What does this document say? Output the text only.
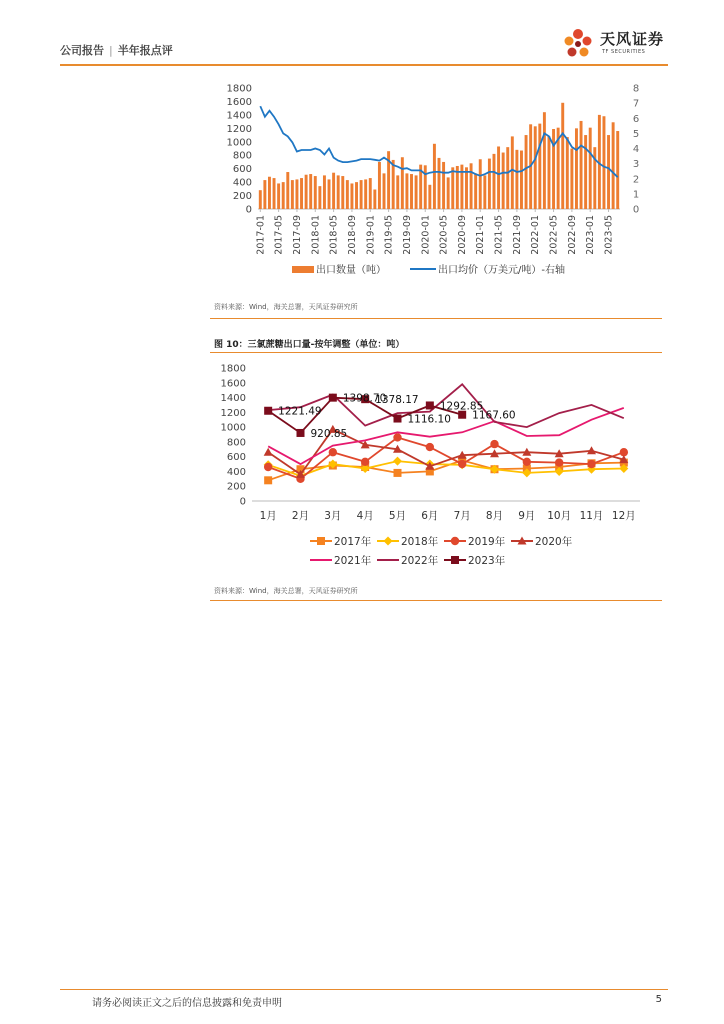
公司报告 | 半年报点评
天风证券
TF SECURITIES
0
200
400
600
800
1000
1200
1400
1600
1800
0
1
2
3
4
5
6
7
8
2017-01 2017-05 2017-09 2018-01 2018-05 2018-09 2019-01 2019-05 2019-09 2020-01 2020-05 2020-09 2021-01 2021-05 2021-09 2022-01 2022-05 2022-09 2023-01 2023-05
出口数量（吨）	出口均价（万美元/吨）-右轴
资料来源：Wind，海关总署，天风证券研究所
图 10：三氯蔗糖出口量-按年调整（单位：吨）
0
200
400
600
800
1000
1200
1400
1600
1800
1月 2月 3月 4月 5月 6月 7月 8月 9月 10月 11月 12月
1221.49
920.85
1398.70
1378.17
1116.10
1292.85
1167.60
2017年	2018年	2019年	2020年
2021年	2022年	2023年
资料来源：Wind，海关总署，天风证券研究所
请务必阅读正文之后的信息披露和免责申明	5
